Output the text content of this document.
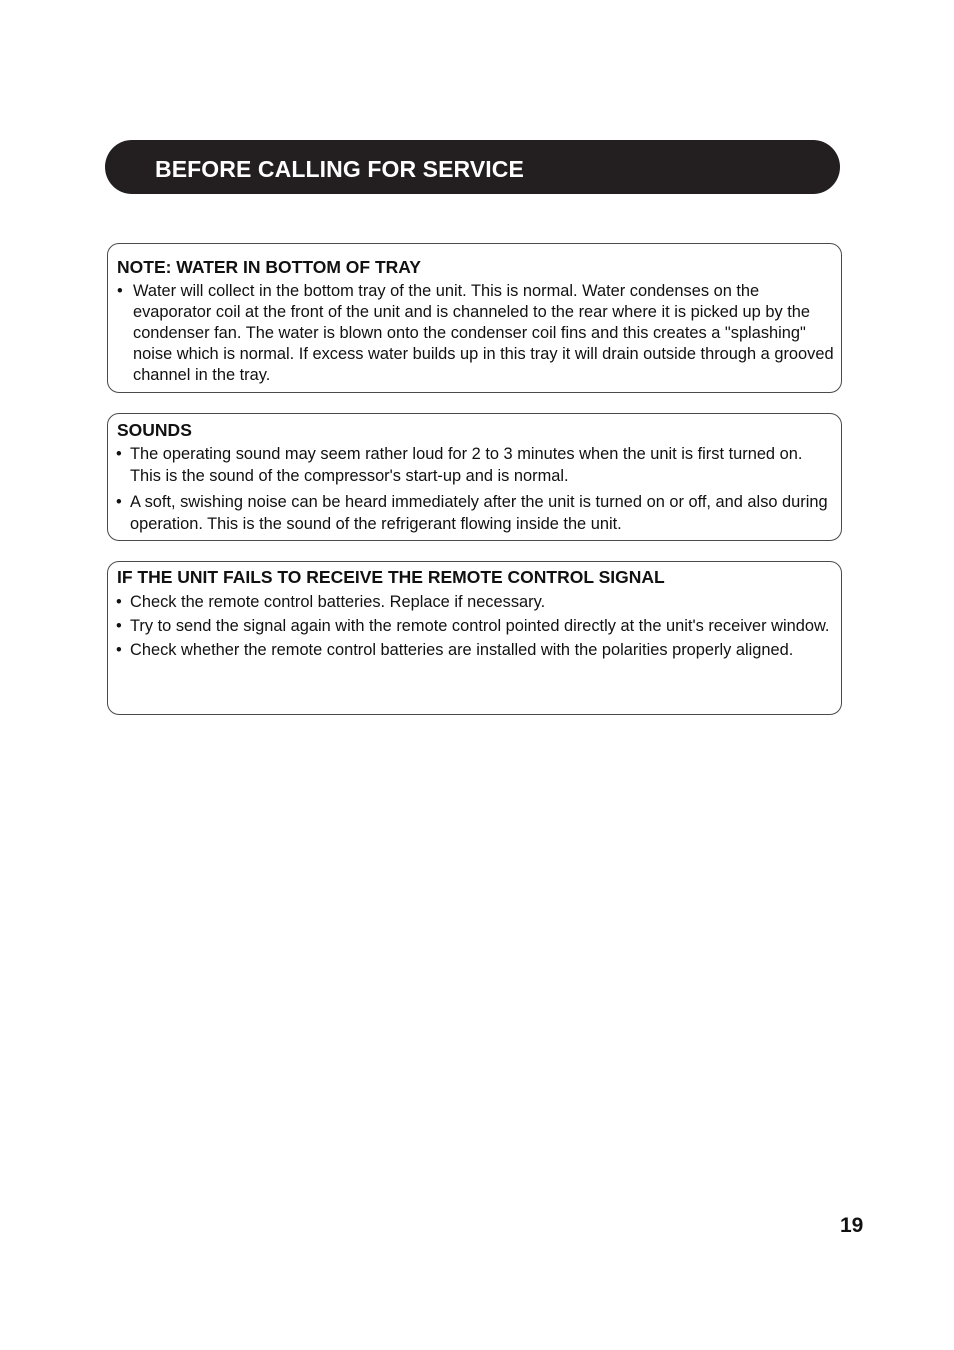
BEFORE CALLING FOR SERVICE
NOTE: WATER IN BOTTOM OF TRAY
• Water will collect in the bottom tray of the unit. This is normal. Water condenses on the evaporator coil at the front of the unit and is channeled to the rear where it is picked up by the condenser fan. The water is blown onto the condenser coil fins and this creates a "splashing" noise which is normal. If excess water builds up in this tray it will drain outside through a grooved channel in the tray.
SOUNDS
• The operating sound may seem rather loud for 2 to 3 minutes when the unit is first turned on. This is the sound of the compressor's start-up and is normal.
• A soft, swishing noise can be heard immediately after the unit is turned on or off, and also during operation. This is the sound of the refrigerant flowing inside the unit.
IF THE UNIT FAILS TO RECEIVE THE REMOTE CONTROL SIGNAL
• Check the remote control batteries. Replace if necessary.
• Try to send the signal again with the remote control pointed directly at the unit's receiver window.
• Check whether the remote control batteries are installed with the polarities properly aligned.
19
